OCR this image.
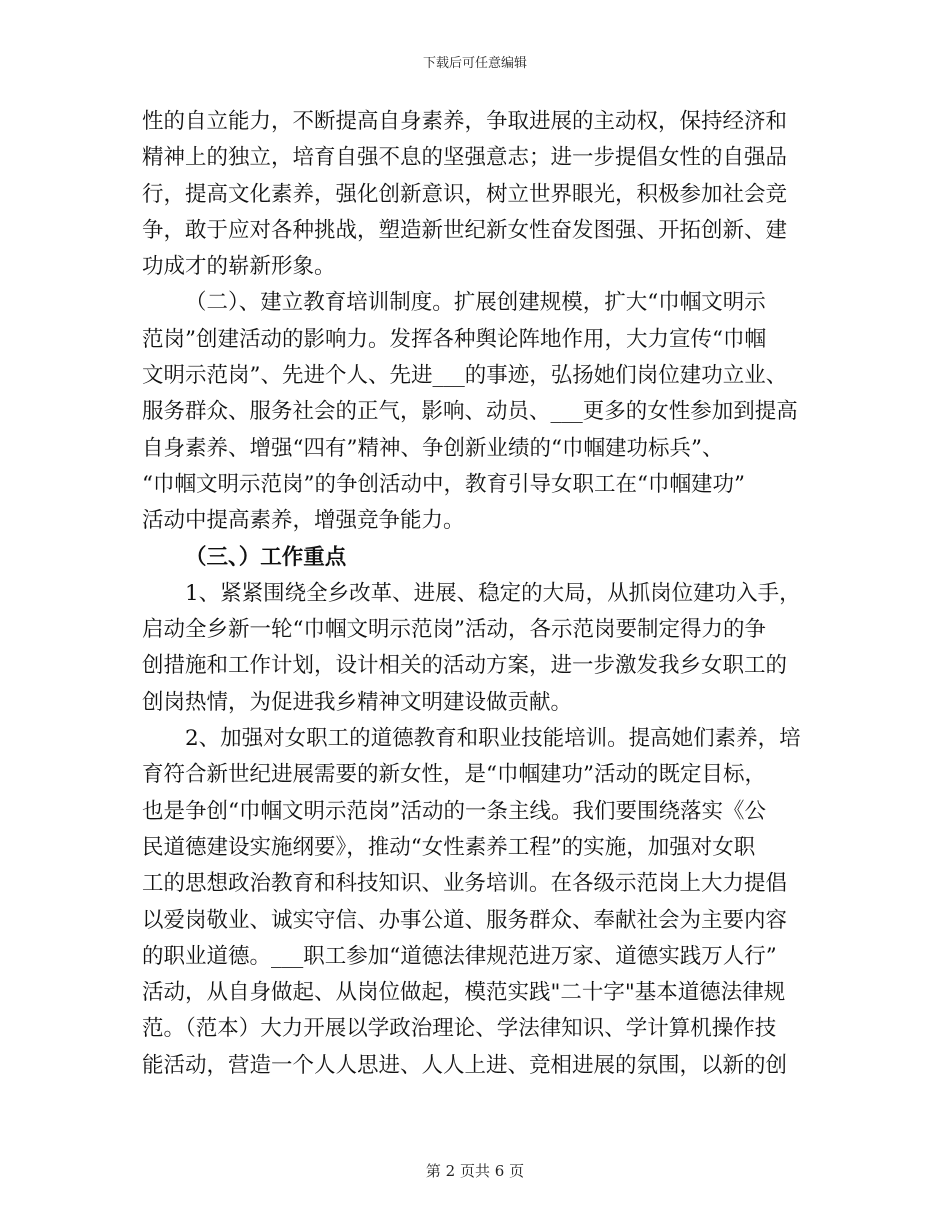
下载后可任意编辑
性的自立能力，不断提高自身素养，争取进展的主动权，保持经济和
精神上的独立，培育自强不息的坚强意志；进一步提倡女性的自强品
行，提高文化素养，强化创新意识，树立世界眼光，积极参加社会竞
争，敢于应对各种挑战，塑造新世纪新女性奋发图强、开拓创新、建
功成才的崭新形象。
（二）、建立教育培训制度。扩展创建规模，扩大“巾帼文明示
范岗”创建活动的影响力。发挥各种舆论阵地作用，大力宣传“巾帼
文明示范岗”、先进个人、先进___的事迹，弘扬她们岗位建功立业、
服务群众、服务社会的正气，影响、动员、___更多的女性参加到提高
自身素养、增强“四有”精神、争创新业绩的“巾帼建功标兵”、
“巾帼文明示范岗”的争创活动中，教育引导女职工在“巾帼建功”
活动中提高素养，增强竞争能力。
（三、）工作重点
1、紧紧围绕全乡改革、进展、稳定的大局，从抓岗位建功入手，
启动全乡新一轮“巾帼文明示范岗”活动，各示范岗要制定得力的争
创措施和工作计划，设计相关的活动方案，进一步激发我乡女职工的
创岗热情，为促进我乡精神文明建设做贡献。
2、加强对女职工的道德教育和职业技能培训。提高她们素养，培
育符合新世纪进展需要的新女性，是“巾帼建功”活动的既定目标，
也是争创“巾帼文明示范岗”活动的一条主线。我们要围绕落实《公
民道德建设实施纲要》，推动“女性素养工程”的实施，加强对女职
工的思想政治教育和科技知识、业务培训。在各级示范岗上大力提倡
以爱岗敬业、诚实守信、办事公道、服务群众、奉献社会为主要内容
的职业道德。___职工参加“道德法律规范进万家、道德实践万人行”
活动，从自身做起、从岗位做起，模范实践"二十字"基本道德法律规
范。（范本）大力开展以学政治理论、学法律知识、学计算机操作技
能活动，营造一个人人思进、人人上进、竞相进展的氛围，以新的创
第 2 页共 6 页
